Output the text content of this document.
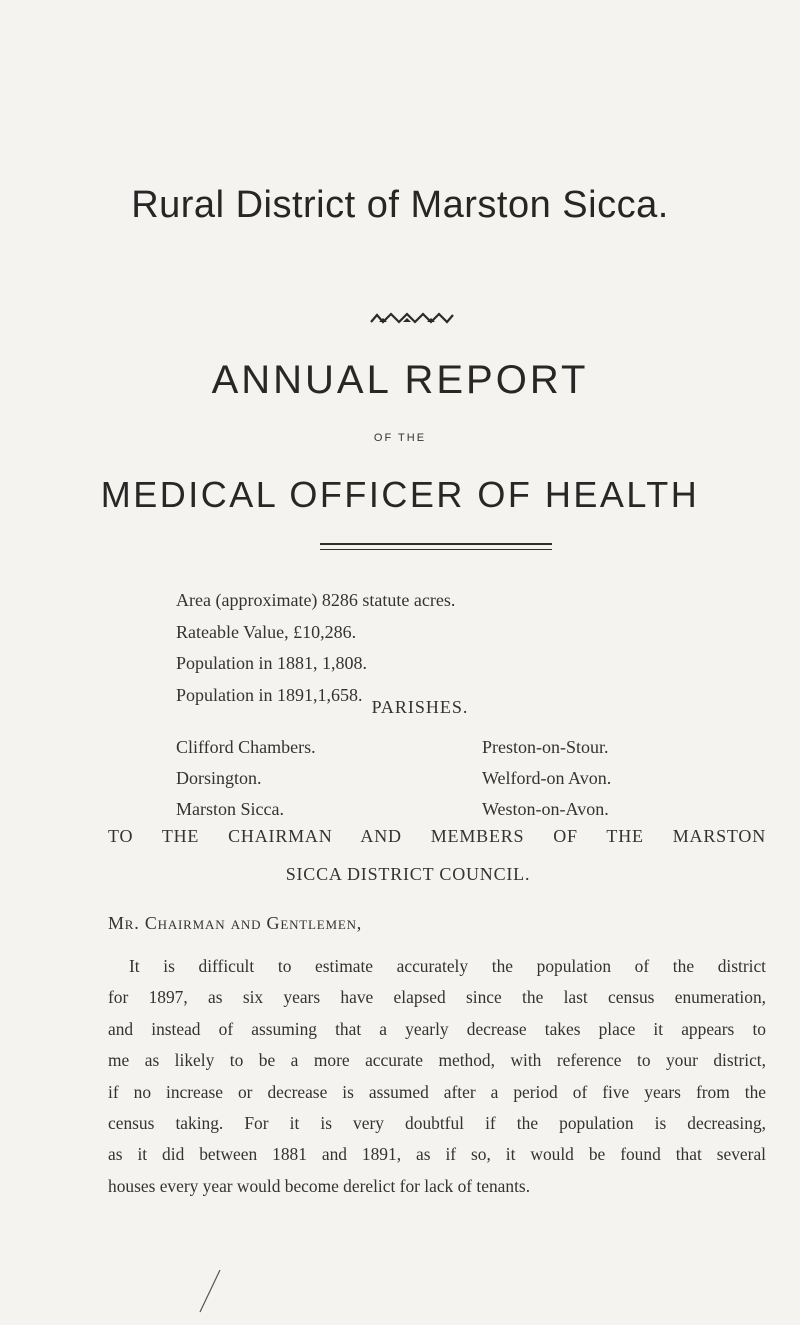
Rural District of Marston Sicca.
ANNUAL REPORT
OF THE
MEDICAL OFFICER OF HEALTH
Area (approximate) 8286 statute acres.
Rateable Value, £10,286.
Population in 1881, 1,808.
Population in 1891,1,658.
PARISHES.
Clifford Chambers.
Dorsington.
Marston Sicca.
Preston-on-Stour.
Welford-on Avon.
Weston-on-Avon.
TO THE CHAIRMAN AND MEMBERS OF THE MARSTON
SICCA DISTRICT COUNCIL.
Mr. Chairman and Gentlemen,
It is difficult to estimate accurately the population of the district
for 1897, as six years have elapsed since the last census enumeration,
and instead of assuming that a yearly decrease takes place it appears to
me as likely to be a more accurate method, with reference to your district,
if no increase or decrease is assumed after a period of five years from the
census taking. For it is very doubtful if the population is decreasing,
as it did between 1881 and 1891, as if so, it would be found that several
houses every year would become derelict for lack of tenants.
